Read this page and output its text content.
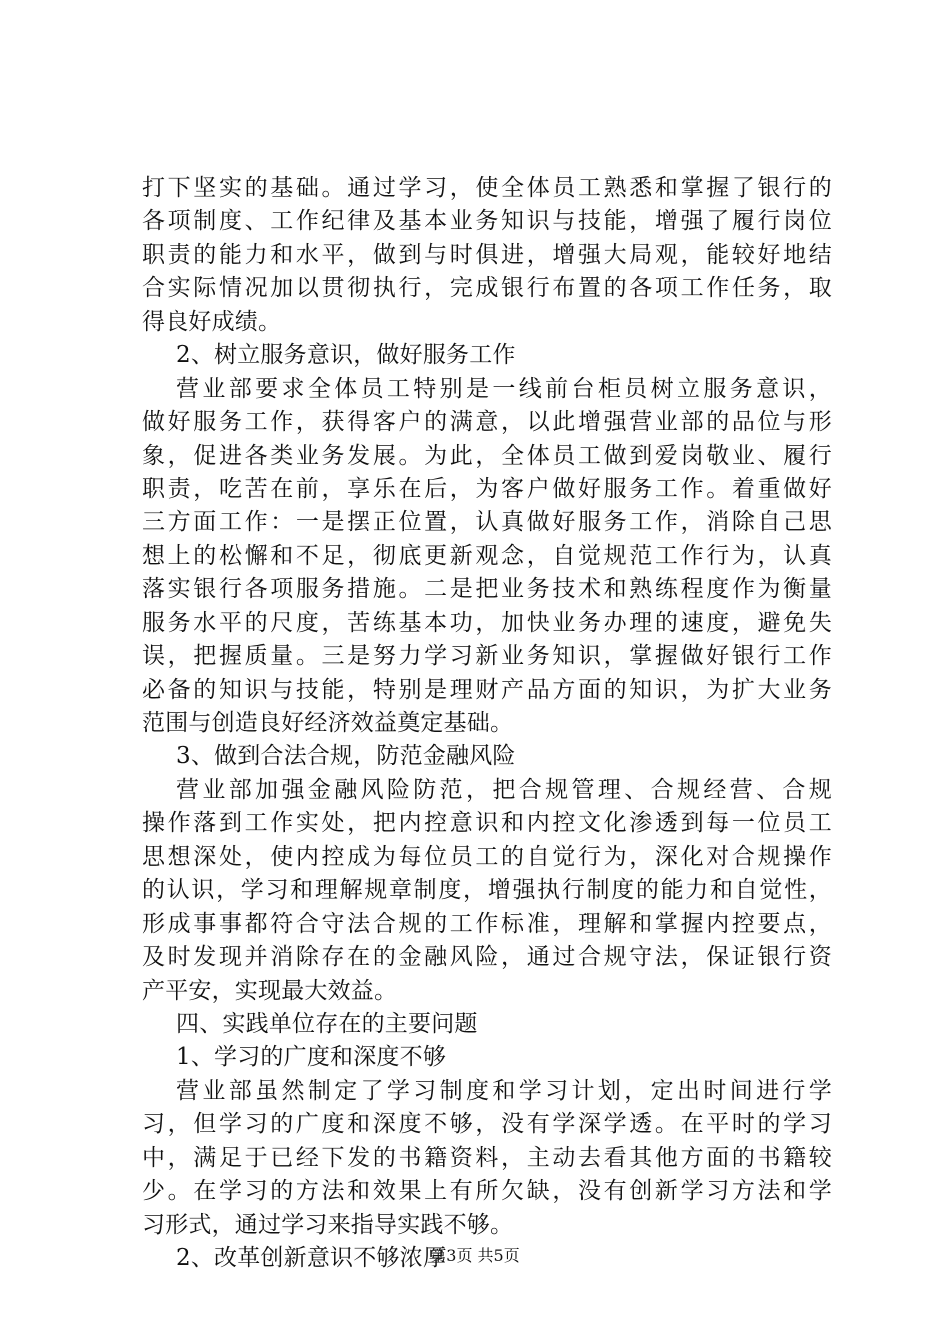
打下坚实的基础。通过学习，使全体员工熟悉和掌握了银行的
各项制度、工作纪律及基本业务知识与技能，增强了履行岗位
职责的能力和水平，做到与时俱进，增强大局观，能较好地结
合实际情况加以贯彻执行，完成银行布置的各项工作任务，取
得良好成绩。
2、树立服务意识，做好服务工作
营业部要求全体员工特别是一线前台柜员树立服务意识，
做好服务工作，获得客户的满意，以此增强营业部的品位与形
象，促进各类业务发展。为此，全体员工做到爱岗敬业、履行
职责，吃苦在前，享乐在后，为客户做好服务工作。着重做好
三方面工作：一是摆正位置，认真做好服务工作，消除自己思
想上的松懈和不足，彻底更新观念，自觉规范工作行为，认真
落实银行各项服务措施。二是把业务技术和熟练程度作为衡量
服务水平的尺度，苦练基本功，加快业务办理的速度，避免失
误，把握质量。三是努力学习新业务知识，掌握做好银行工作
必备的知识与技能，特别是理财产品方面的知识，为扩大业务
范围与创造良好经济效益奠定基础。
3、做到合法合规，防范金融风险
营业部加强金融风险防范，把合规管理、合规经营、合规
操作落到工作实处，把内控意识和内控文化渗透到每一位员工
思想深处，使内控成为每位员工的自觉行为，深化对合规操作
的认识，学习和理解规章制度，增强执行制度的能力和自觉性，
形成事事都符合守法合规的工作标准，理解和掌握内控要点，
及时发现并消除存在的金融风险，通过合规守法，保证银行资
产平安，实现最大效益。
四、实践单位存在的主要问题
1、学习的广度和深度不够
营业部虽然制定了学习制度和学习计划，定出时间进行学
习，但学习的广度和深度不够，没有学深学透。在平时的学习
中，满足于已经下发的书籍资料，主动去看其他方面的书籍较
少。在学习的方法和效果上有所欠缺，没有创新学习方法和学
习形式，通过学习来指导实践不够。
2、改革创新意识不够浓厚
第3页 共5页
